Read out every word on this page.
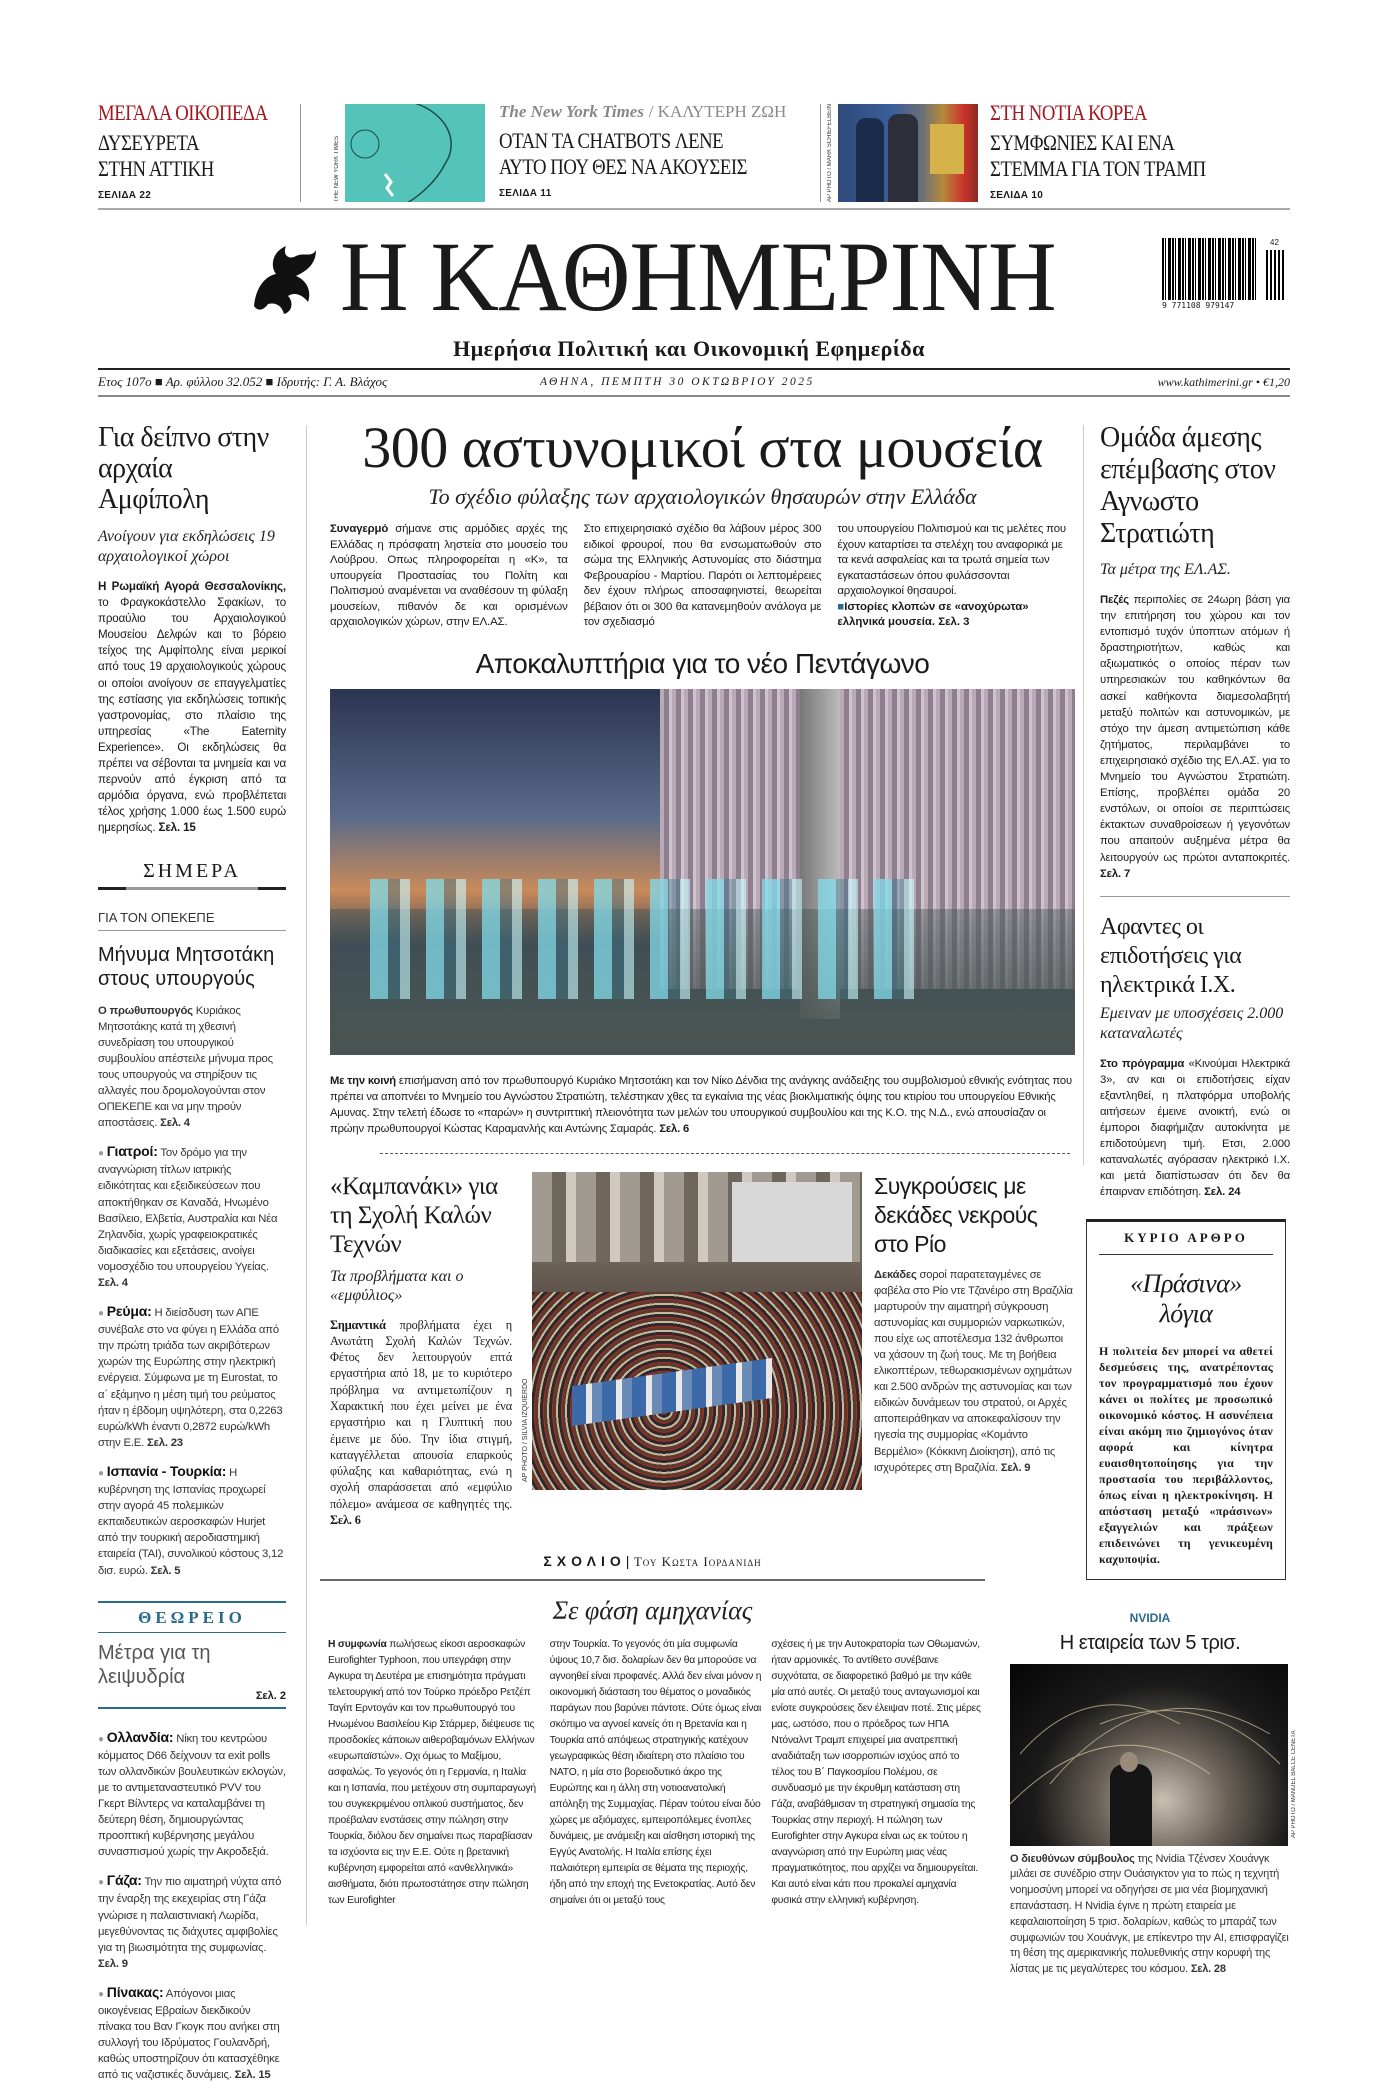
ΜΕΓΑΛΑ ΟΙΚΟΠΕΔΑ
ΔΥΣΕΥΡΕΤΑ
ΣΤΗΝ ΑΤΤΙΚΗ
ΣΕΛΙΔΑ 22	THE NEW YORK TIMES
The New York Times / ΚΑΛΥΤΕΡΗ ΖΩΗ
ΟΤΑΝ ΤΑ CHATBOTS ΛΕΝΕ
ΑΥΤΟ ΠΟΥ ΘΕΣ ΝΑ ΑΚΟΥΣΕΙΣ
ΣΕΛΙΔΑ 11	AP PHOTO / MARK SCHIEFELBEIN	ΣΤΗ ΝΟΤΙΑ ΚΟΡΕΑ
ΣΥΜΦΩΝΙΕΣ ΚΑΙ ΕΝΑ
ΣΤΕΜΜΑ ΓΙΑ ΤΟΝ ΤΡΑΜΠ
ΣΕΛΙΔΑ 10
Η ΚΑΘΗΜΕΡΙΝΗ	9 771108 979147
42
Ημερήσια Πολιτική και Οικονομική Εφημερίδα
Ετος 107ο ■ Αρ. φύλλου 32.052 ■ Ιδρυτής: Γ. Α. Βλάχος	ΑΘΗΝΑ, ΠΕΜΠΤΗ 30 ΟΚΤΩΒΡΙΟΥ 2025	www.kathimerini.gr • €1,20
Για δείπνο στην αρχαία Αμφίπολη
Ανοίγουν για εκδηλώσεις 19 αρχαιολογικοί χώροι

Η Ρωμαϊκή Αγορά Θεσσαλονίκης, το Φραγκοκάστελλο Σφακίων, το προαύλιο του Αρχαιολογικού Μουσείου Δελφών και το βόρειο τείχος της Αμφίπολης είναι μερικοί από τους 19 αρχαιολογικούς χώρους οι οποίοι ανοίγουν σε επαγγελματίες της εστίασης για εκδηλώσεις τοπικής γαστρονομίας, στο πλαίσιο της υπηρεσίας «The Eaternity Experience». Οι εκδηλώσεις θα πρέπει να σέβονται τα μνημεία και να περνούν από έγκριση από τα αρμόδια όργανα, ενώ προβλέπεται τέλος χρήσης 1.000 έως 1.500 ευρώ ημερησίως. Σελ. 15

ΣΗΜΕΡΑ
ΓΙΑ ΤΟΝ ΟΠΕΚΕΠΕ
Μήνυμα Μητσοτάκη στους υπουργούς

Ο πρωθυπουργός Κυριάκος Μητσοτάκης κατά τη χθεσινή συνεδρίαση του υπουργικού συμβουλίου απέστειλε μήνυμα προς τους υπουργούς να στηρίξουν τις αλλαγές που δρομολογούνται στον ΟΠΕΚΕΠΕ και να μην τηρούν αποστάσεις. Σελ. 4

● Γιατροί: Τον δρόμο για την αναγνώριση τίτλων ιατρικής ειδικότητας και εξειδικεύσεων που αποκτήθηκαν σε Καναδά, Ηνωμένο Βασίλειο, Ελβετία, Αυστραλία και Νέα Ζηλανδία, χωρίς γραφειοκρατικές διαδικασίες και εξετάσεις, ανοίγει νομοσχέδιο του υπουργείου Υγείας. Σελ. 4

● Ρεύμα: Η διείσδυση των ΑΠΕ συνέβαλε στο να φύγει η Ελλάδα από την πρώτη τριάδα των ακριβότερων χωρών της Ευρώπης στην ηλεκτρική ενέργεια. Σύμφωνα με τη Eurostat, το α΄ εξάμηνο η μέση τιμή του ρεύματος ήταν η έβδομη υψηλότερη, στα 0,2263 ευρώ/kWh έναντι 0,2872 ευρώ/kWh στην Ε.Ε. Σελ. 23

● Ισπανία - Τουρκία: Η κυβέρνηση της Ισπανίας προχωρεί στην αγορά 45 πολεμικών εκπαιδευτικών αεροσκαφών Hurjet από την τουρκική αεροδιαστημική εταιρεία (TAI), συνολικού κόστους 3,12 δισ. ευρώ. Σελ. 5

ΘΕΩΡΕΙΟ
Μέτρα για τη λειψυδρία
Σελ. 2

● Ολλανδία: Νίκη του κεντρώου κόμματος D66 δείχνουν τα exit polls των ολλανδικών βουλευτικών εκλογών, με το αντιμεταναστευτικό PVV του Γκερτ Βίλντερς να καταλαμβάνει τη δεύτερη θέση, δημιουργώντας προοπτική κυβέρνησης μεγάλου συνασπισμού χωρίς την Ακροδεξιά.

● Γάζα: Την πιο αιματηρή νύχτα από την έναρξη της εκεχειρίας στη Γάζα γνώρισε η παλαιστινιακή Λωρίδα, μεγεθύνοντας τις διάχυτες αμφιβολίες για τη βιωσιμότητα της συμφωνίας. Σελ. 9

● Πίνακας: Απόγονοι μιας οικογένειας Εβραίων διεκδικούν πίνακα του Βαν Γκογκ που ανήκει στη συλλογή του Ιδρύματος Γουλανδρή, καθώς υποστηρίζουν ότι κατασχέθηκε από τις ναζιστικές δυνάμεις. Σελ. 15

300 αστυνομικοί στα μουσεία
Το σχέδιο φύλαξης των αρχαιολογικών θησαυρών στην Ελλάδα

Συναγερμό σήμανε στις αρμόδιες αρχές της Ελλάδας η πρόσφατη ληστεία στο μουσείο του Λούβρου. Οπως πληροφορείται η «Κ», τα υπουργεία Προστασίας του Πολίτη και Πολιτισμού αναμένεται να αναθέσουν τη φύλαξη μουσείων, πιθανόν δε και ορισμένων αρχαιολογικών χώρων, στην ΕΛ.ΑΣ.

Στο επιχειρησιακό σχέδιο θα λάβουν μέρος 300 ειδικοί φρουροί, που θα ενσωματωθούν στο σώμα της Ελληνικής Αστυνομίας στο διάστημα Φεβρουαρίου - Μαρτίου. Παρότι οι λεπτομέρειες δεν έχουν πλήρως αποσαφηνιστεί, θεωρείται βέβαιον ότι οι 300 θα κατανεμηθούν ανάλογα με τον σχεδιασμό

του υπουργείου Πολιτισμού και τις μελέτες που έχουν καταρτίσει τα στελέχη του αναφορικά με τα κενά ασφαλείας και τα τρωτά σημεία των εγκαταστάσεων όπου φυλάσσονται αρχαιολογικοί θησαυροί.

■Ιστορίες κλοπών σε «ανοχύρωτα» ελληνικά μουσεία. Σελ. 3

Αποκαλυπτήρια για το νέο Πεντάγωνο

Με την κοινή επισήμανση από τον πρωθυπουργό Κυριάκο Μητσοτάκη και τον Νίκο Δένδια της ανάγκης ανάδειξης του συμβολισμού εθνικής ενότητας που πρέπει να αποπνέει το Μνημείο του Αγνώστου Στρατιώτη, τελέστηκαν χθες τα εγκαίνια της νέας βιοκλιματικής όψης του κτιρίου του υπουργείου Εθνικής Αμυνας. Στην τελετή έδωσε το «παρών» η συντριπτική πλειονότητα των μελών του υπουργικού συμβουλίου και της Κ.Ο. της Ν.Δ., ενώ απουσίαζαν οι πρώην πρωθυπουργοί Κώστας Καραμανλής και Αντώνης Σαμαράς. Σελ. 6

«Καμπανάκι» για τη Σχολή Καλών Τεχνών
Τα προβλήματα και ο «εμφύλιος»

Σημαντικά προβλήματα έχει η Ανωτάτη Σχολή Καλών Τεχνών. Φέτος δεν λειτουργούν επτά εργαστήρια από 18, με το κυριότερο πρόβλημα να αντιμετωπίζουν η Χαρακτική που έχει μείνει με ένα εργαστήριο και η Γλυπτική που έμεινε με δύο. Την ίδια στιγμή, καταγγέλλεται απουσία επαρκούς φύλαξης και καθαριότητας, ενώ η σχολή σπαράσσεται από «εμφύλιο πόλεμο» ανάμεσα σε καθηγητές της. Σελ. 6

AP PHOTO / SILVIA IZQUIERDO
Συγκρούσεις με δεκάδες νεκρούς στο Ρίο

Δεκάδες σοροί παρατεταγμένες σε φαβέλα στο Ρίο ντε Τζανέιρο στη Βραζιλία μαρτυρούν την αιματηρή σύγκρουση αστυνομίας και συμμοριών ναρκωτικών, που είχε ως αποτέλεσμα 132 άνθρωποι να χάσουν τη ζωή τους. Με τη βοήθεια ελικοπτέρων, τεθωρακισμένων οχημάτων και 2.500 ανδρών της αστυνομίας και των ειδικών δυνάμεων του στρατού, οι Αρχές αποπειράθηκαν να αποκεφαλίσουν την ηγεσία της συμμορίας «Κομάντο Βερμέλιο» (Κόκκινη Διοίκηση), από τις ισχυρότερες στη Βραζιλία. Σελ. 9

ΣΧΟΛΙΟ| Του Κωστα Ιορδανιδη
Σε φάση αμηχανίας

Η συμφωνία πωλήσεως είκοσι αεροσκαφών Eurofighter Typhoon, που υπεγράφη στην Αγκυρα τη Δευτέρα με επισημότητα πράγματι τελετουργική από τον Τούρκο πρόεδρο Ρετζέπ Ταγίπ Ερντογάν και τον πρωθυπουργό του Ηνωμένου Βασιλείου Κιρ Στάρμερ, διέψευσε τις προσδοκίες κάποιων αιθεροβαμόνων Ελλήνων «ευρωπαϊστών». Οχι όμως το Μαξίμου, ασφαλώς. Το γεγονός ότι η Γερμανία, η Ιταλία και η Ισπανία, που μετέχουν στη συμπαραγωγή του συγκεκριμένου οπλικού συστήματος, δεν προέβαλαν ενστάσεις στην πώληση στην Τουρκία, διόλου δεν σημαίνει πως παραβίασαν τα ισχύοντα εις την Ε.Ε. Ούτε η βρετανική κυβέρνηση εμφορείται από «ανθελληνικά» αισθήματα, διότι πρωτοστάτησε στην πώληση των Eurofighter

στην Τουρκία. Το γεγονός ότι μία συμφωνία ύψους 10,7 δισ. δολαρίων δεν θα μπορούσε να αγνοηθεί είναι προφανές. Αλλά δεν είναι μόνον η οικονομική διάσταση του θέματος ο μοναδικός παράγων που βαρύνει πάντοτε. Ούτε όμως είναι σκόπιμο να αγνοεί κανείς ότι η Βρετανία και η Τουρκία από απόψεως στρατηγικής κατέχουν γεωγραφικώς θέση ιδιαίτερη στο πλαίσιο του ΝΑΤΟ, η μία στο βορειοδυτικό άκρο της Ευρώπης και η άλλη στη νοτιοανατολική απόληξη της Συμμαχίας. Πέραν τούτου είναι δύο χώρες με αξιόμαχες, εμπειροπόλεμες ένοπλες δυνάμεις, με ανάμειξη και αίσθηση ιστορική της Εγγύς Ανατολής. Η Ιταλία επίσης έχει παλαιότερη εμπειρία σε θέματα της περιοχής, ήδη από την εποχή της Ενετοκρατίας. Αυτό δεν σημαίνει ότι οι μεταξύ τους

σχέσεις ή με την Αυτοκρατορία των Οθωμανών, ήταν αρμονικές. Το αντίθετο συνέβαινε συχνότατα, σε διαφορετικό βαθμό με την κάθε μία από αυτές. Οι μεταξύ τους ανταγωνισμοί και ενίοτε συγκρούσεις δεν έλειψαν ποτέ. Στις μέρες μας, ωστόσο, που ο πρόεδρος των ΗΠΑ Ντόναλντ Τραμπ επιχειρεί μια ανατρεπτική αναδιάταξη των ισορροπιών ισχύος από το τέλος του Β΄ Παγκοσμίου Πολέμου, σε συνδυασμό με την έκρυθμη κατάσταση στη Γάζα, αναβάθμισαν τη στρατηγική σημασία της Τουρκίας στην περιοχή. Η πώληση των Eurofighter στην Αγκυρα είναι ως εκ τούτου η αναγνώριση από την Ευρώπη μιας νέας πραγματικότητος, που αρχίζει να δημιουργείται. Και αυτό είναι κάτι που προκαλεί αμηχανία φυσικά στην ελληνική κυβέρνηση.

Ομάδα άμεσης επέμβασης στον Αγνωστο Στρατιώτη
Τα μέτρα της ΕΛ.ΑΣ.

Πεζές περιπολίες σε 24ωρη βάση για την επιτήρηση του χώρου και τον εντοπισμό τυχόν ύποπτων ατόμων ή δραστηριοτήτων, καθώς και αξιωματικός ο οποίος πέραν των υπηρεσιακών του καθηκόντων θα ασκεί καθήκοντα διαμεσολαβητή μεταξύ πολιτών και αστυνομικών, με στόχο την άμεση αντιμετώπιση κάθε ζητήματος, περιλαμβάνει το επιχειρησιακό σχέδιο της ΕΛ.ΑΣ. για το Μνημείο του Αγνώστου Στρατιώτη. Επίσης, προβλέπει ομάδα 20 ενστόλων, οι οποίοι σε περιπτώσεις έκτακτων συναθροίσεων ή γεγονότων που απαιτούν αυξημένα μέτρα θα λειτουργούν ως πρώτοι ανταποκριτές. Σελ. 7

Αφαντες οι επιδοτήσεις για ηλεκτρικά Ι.Χ.
Εμειναν με υποσχέσεις 2.000 καταναλωτές

Στο πρόγραμμα «Κινούμαι Ηλεκτρικά 3», αν και οι επιδοτήσεις είχαν εξαντληθεί, η πλατφόρμα υποβολής αιτήσεων έμεινε ανοικτή, ενώ οι έμποροι διαφήμιζαν αυτοκίνητα με επιδοτούμενη τιμή. Ετσι, 2.000 καταναλωτές αγόρασαν ηλεκτρικό Ι.Χ. και μετά διαπίστωσαν ότι δεν θα έπαιρναν επιδότηση. Σελ. 24

ΚΥΡΙΟ ΑΡΘΡΟ
«Πράσινα» λόγια

Η πολιτεία δεν μπορεί να αθετεί δεσμεύσεις της, ανατρέποντας τον προγραμματισμό που έχουν κάνει οι πολίτες με προσωπικό οικονομικό κόστος. Η ασυνέπεια είναι ακόμη πιο ζημιογόνος όταν αφορά και κίνητρα ευαισθητοποίησης για την προστασία του περιβάλλοντος, όπως είναι η ηλεκτροκίνηση. Η απόσταση μεταξύ «πράσινων» εξαγγελιών και πράξεων επιδεινώνει τη γενικευμένη καχυποψία.

NVIDIA
Η εταιρεία των 5 τρισ.
AP PHOTO / MANUEL BALCE CENETA

Ο διευθύνων σύμβουλος της Nvidia Τζένσεν Χουάνγκ μιλάει σε συνέδριο στην Ουάσιγκτον για το πώς η τεχνητή νοημοσύνη μπορεί να οδηγήσει σε μια νέα βιομηχανική επανάσταση. Η Nvidia έγινε η πρώτη εταιρεία με κεφαλαιοποίηση 5 τρισ. δολαρίων, καθώς το μπαράζ των συμφωνιών του Χουάνγκ, με επίκεντρο την AI, επισφραγίζει τη θέση της αμερικανικής πολυεθνικής στην κορυφή της λίστας με τις μεγαλύτερες του κόσμου. Σελ. 28
